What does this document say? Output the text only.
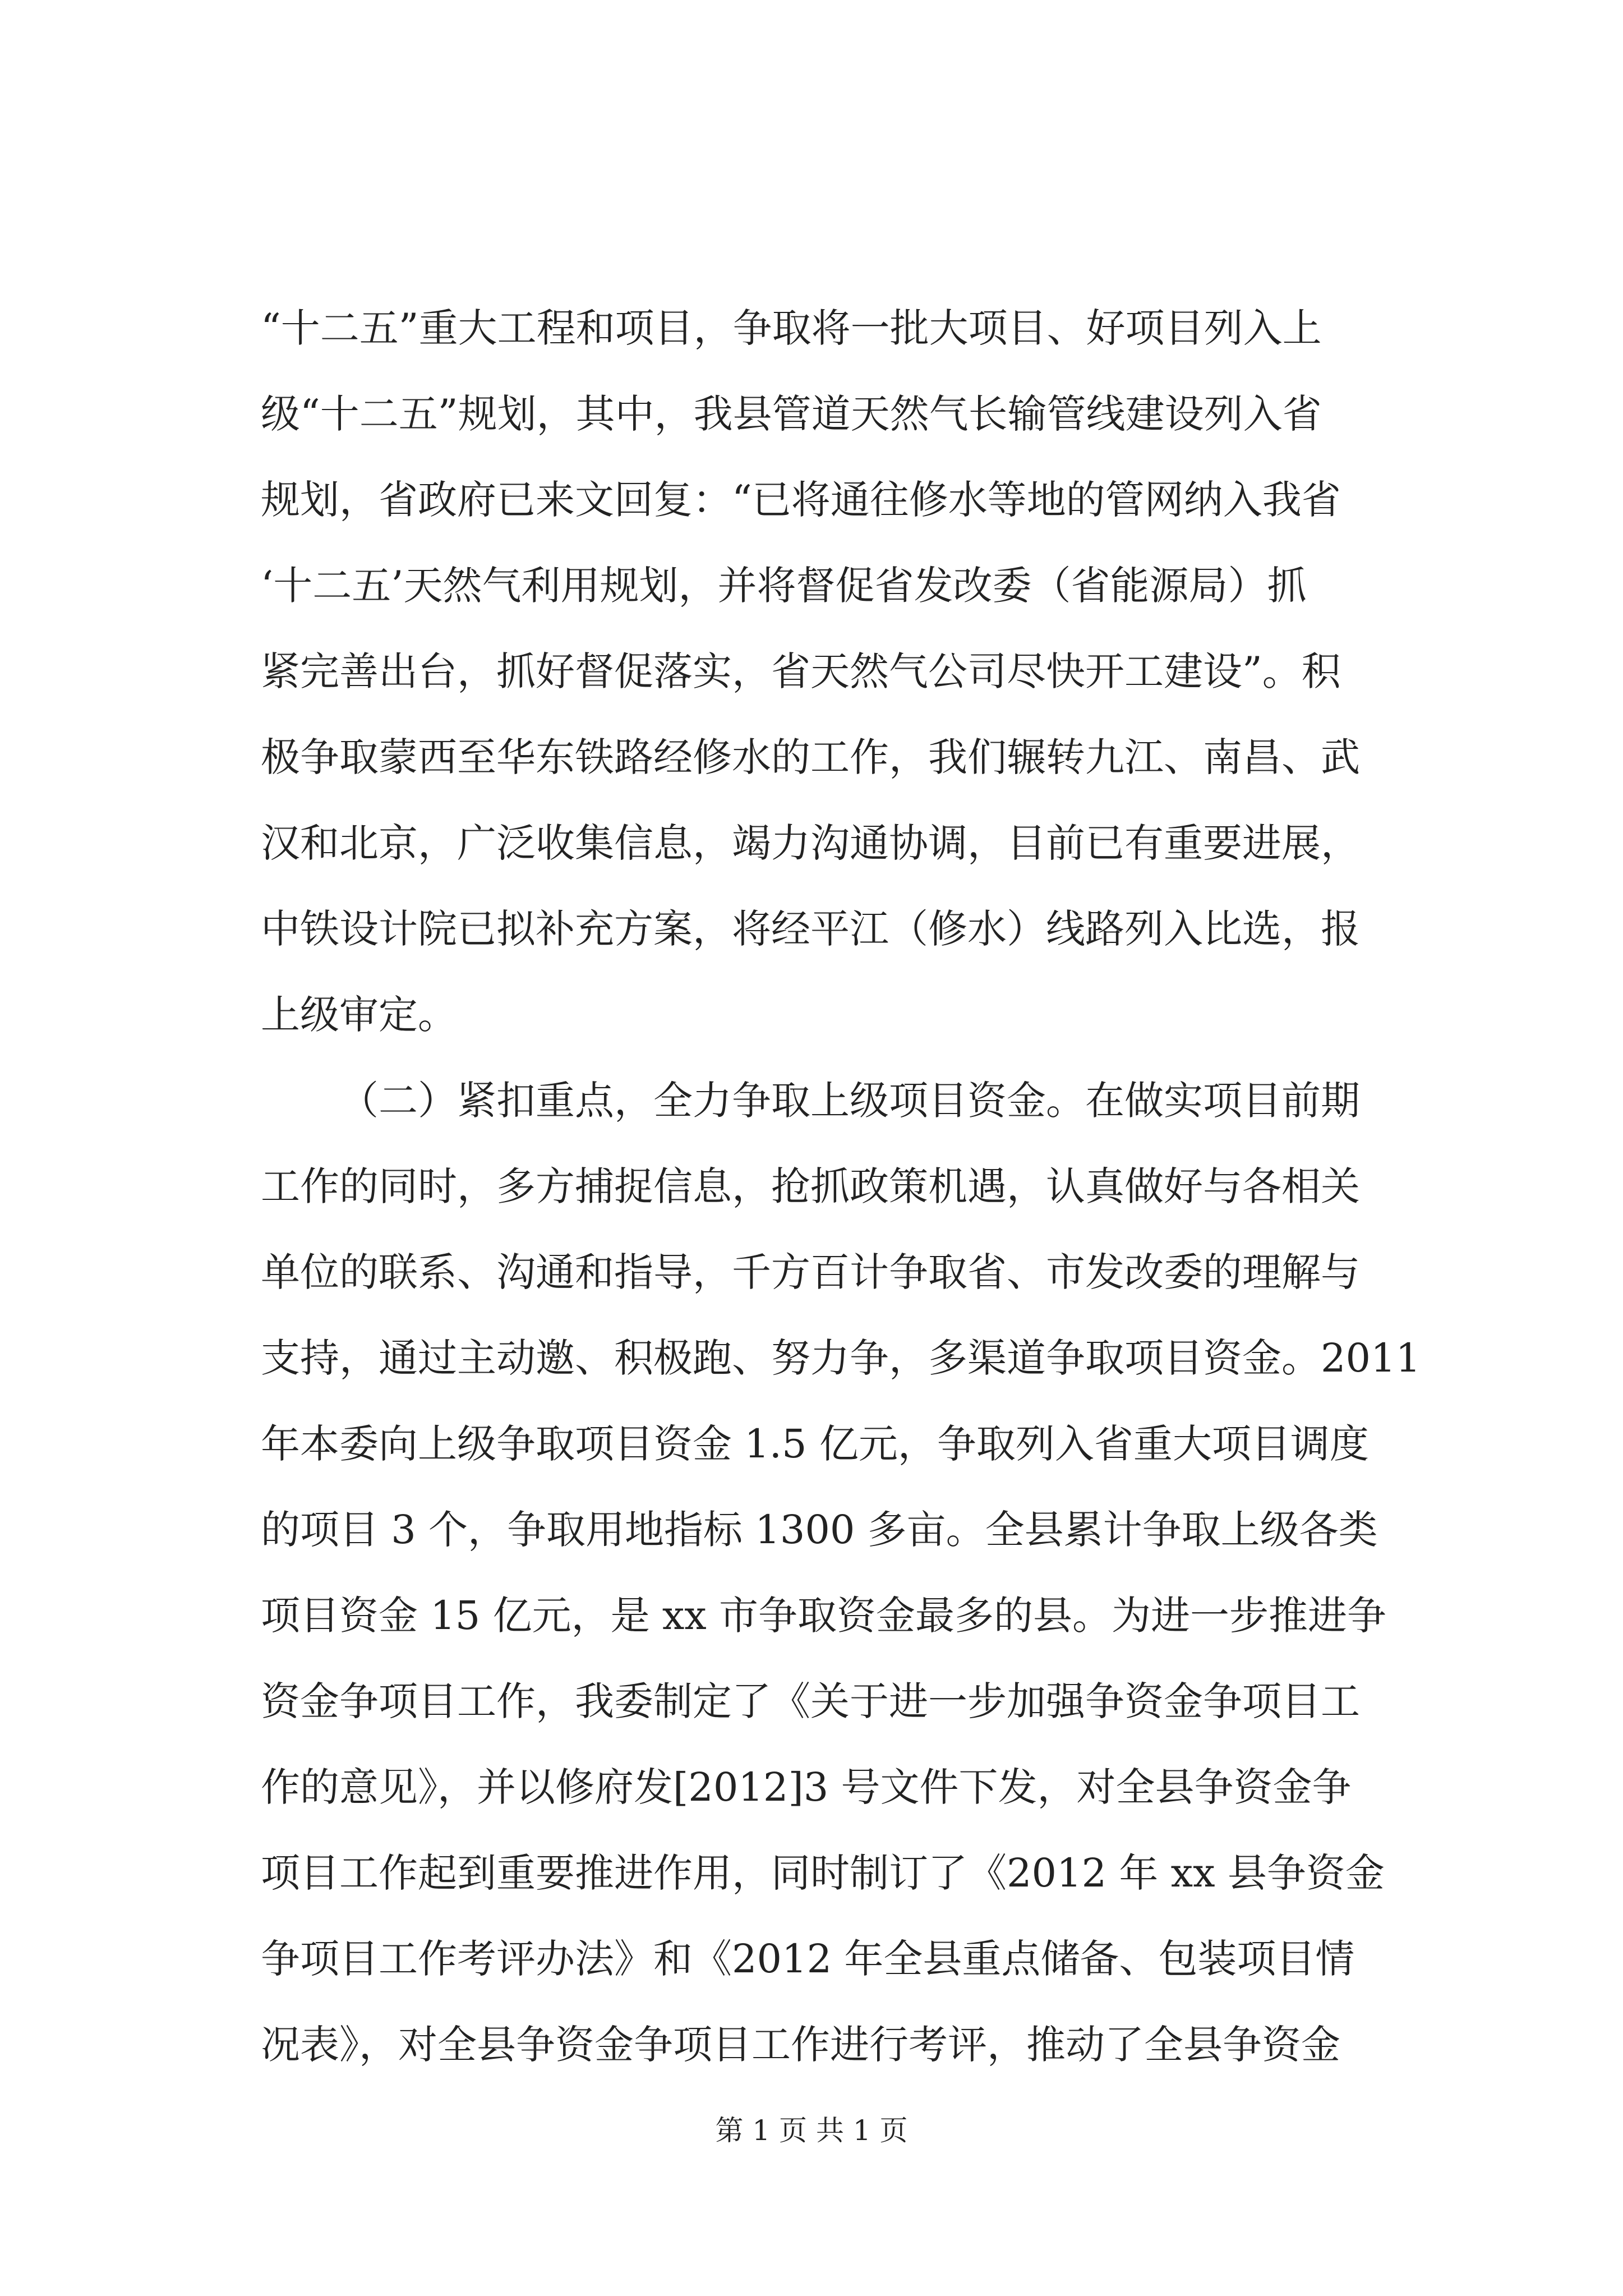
“十二五”重大工程和项目，争取将一批大项目、好项目列入上
级“十二五”规划，其中，我县管道天然气长输管线建设列入省
规划，省政府已来文回复：“已将通往修水等地的管网纳入我省
‘十二五’天然气利用规划，并将督促省发改委（省能源局）抓
紧完善出台，抓好督促落实，省天然气公司尽快开工建设”。积
极争取蒙西至华东铁路经修水的工作，我们辗转九江、南昌、武
汉和北京，广泛收集信息，竭力沟通协调，目前已有重要进展，
中铁设计院已拟补充方案，将经平江（修水）线路列入比选，报
上级审定。
（二）紧扣重点，全力争取上级项目资金。在做实项目前期
工作的同时，多方捕捉信息，抢抓政策机遇，认真做好与各相关
单位的联系、沟通和指导，千方百计争取省、市发改委的理解与
支持，通过主动邀、积极跑、努力争，多渠道争取项目资金。2011
年本委向上级争取项目资金 1.5 亿元，争取列入省重大项目调度
的项目 3 个，争取用地指标 1300 多亩。全县累计争取上级各类
项目资金 15 亿元，是 xx 市争取资金最多的县。为进一步推进争
资金争项目工作，我委制定了《关于进一步加强争资金争项目工
作的意见》，并以修府发[2012]3 号文件下发，对全县争资金争
项目工作起到重要推进作用，同时制订了《2012 年 xx 县争资金
争项目工作考评办法》和《2012 年全县重点储备、包装项目情
况表》，对全县争资金争项目工作进行考评，推动了全县争资金
第 1 页 共 1 页
